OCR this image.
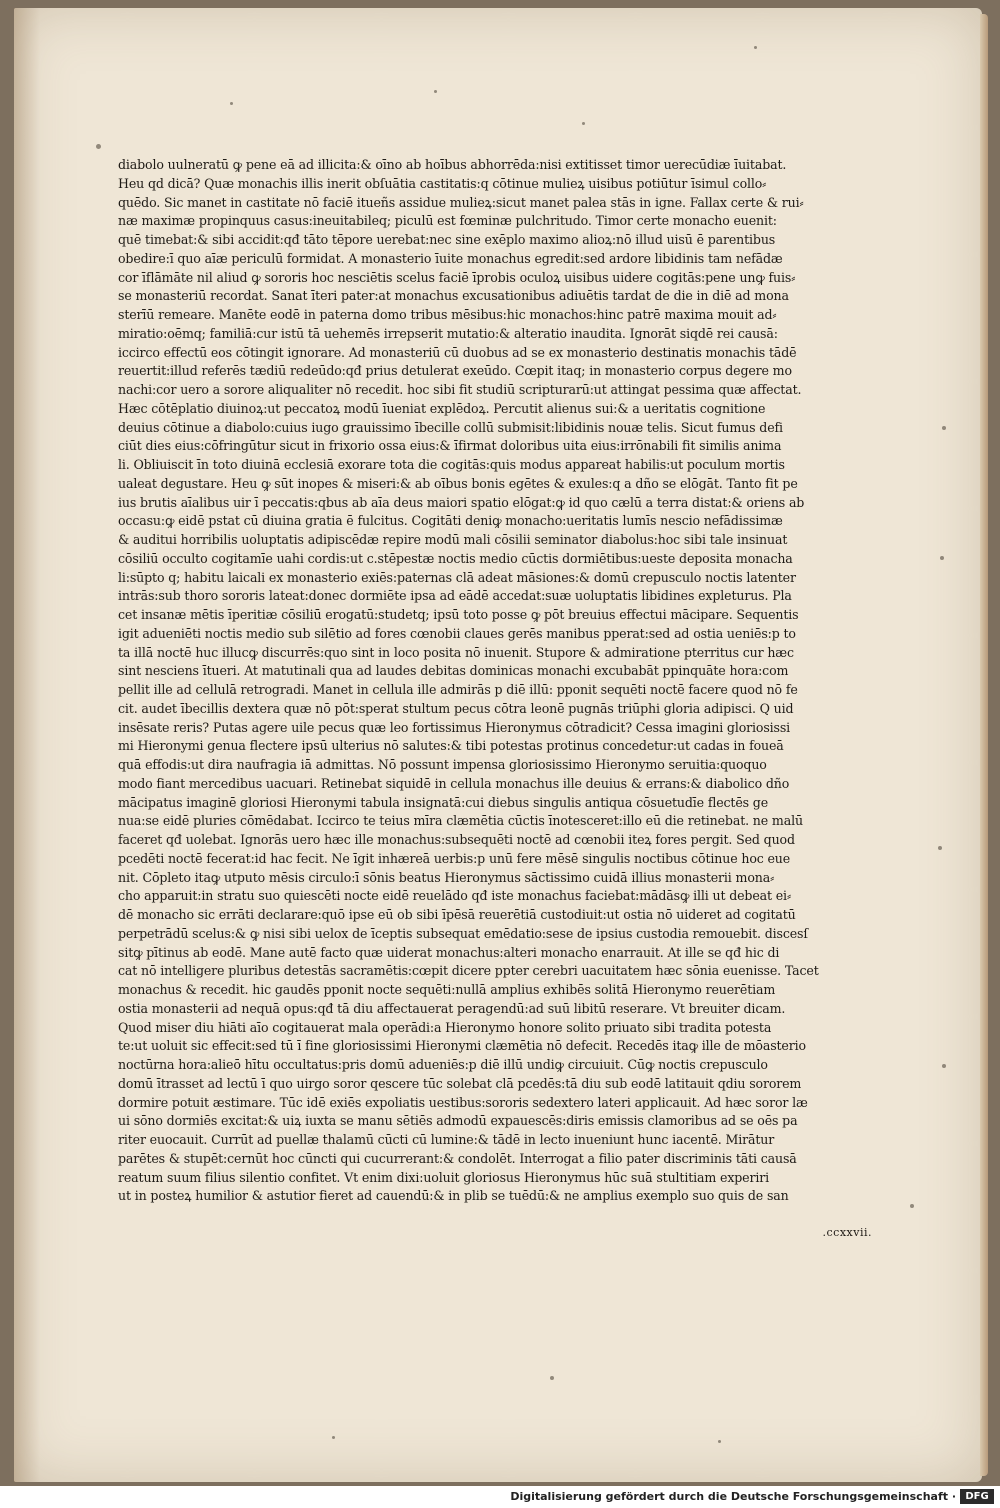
diabolo uulneratū ꝙ pene eā ad illicita:& oīno ab hoībus abhorrēda:nisi extitisset timor uerecūdiæ īuitabat.
Heu qd dicā? Quæ monachis illis inerit obſuātia castitatis:q cōtinue mulieꝝ uisibus potiūtur īsimul collo⸗
quēdo. Sic manet in castitate nō faciē itueñs assidue mulieꝝ:sicut manet palea stās in igne. Fallax certe & rui⸗
næ maximæ propinquus casus:ineuitabileq; piculū est fœminæ pulchritudo. Timor certe monacho euenit:
quē timebat:& sibi accidit:qđ tāto tēpore uerebat:nec sine exēplo maximo alioꝝ:nō illud uisū ē parentibus
obedire:ī quo aīæ periculū formidat. A monasterio īuite monachus egredit:sed ardore libidinis tam nefādæ
cor īflāmāte nil aliud ꝙ sororis hoc nesciētis scelus faciē īprobis oculoꝝ uisibus uidere cogitās:pene unꝙ fuis⸗
se monasteriū recordat. Sanat īteri pater:at monachus excusationibus adiuētis tardat de die in diē ad mona
sterīū remeare. Manēte eodē in paterna domo tribus mēsibus:hic monachos:hinc patrē maxima mouit ad⸗
miratio:oēmq; familiā:cur istū tā uehemēs irrepserit mutatio:& alteratio inaudita. Ignorāt siqdē rei causā:
iccirco effectū eos cōtingit ignorare. Ad monasteriū cū duobus ad se ex monasterio destinatis monachis tādē
reuertit:illud referēs tædiū redeūdo:qđ prius detulerat exeūdo. Cœpit itaq; in monasterio corpus degere mo
nachi:cor uero a sorore aliqualiter nō recedit. hoc sibi fit studiū scripturarū:ut attingat pessima quæ affectat.
Hæc cōtēplatio diuinoꝝ:ut peccatoꝝ modū īueniat explēdoꝝ. Percutit alienus sui:& a ueritatis cognitione
deuius cōtinue a diabolo:cuius iugo grauissimo ībecille collū submisit:libidinis nouæ telis. Sicut fumus defi
ciūt dies eius:cōfringūtur sicut in frixorio ossa eius:& īfirmat doloribus uita eius:irrōnabili fit similis anima
li. Obliuiscit īn toto diuinā ecclesiā exorare tota die cogitās:quis modus appareat habilis:ut poculum mortis
ualeat degustare. Heu ꝙ sūt inopes & miseri:& ab oībus bonis egētes & exules:q a dño se elōgāt. Tanto fit pe
ius brutis aīalibus uir ī peccatis:qbus ab aīa deus maiori spatio elōgat:ꝙ id quo cælū a terra distat:& oriens ab
occasu:ꝙ eidē pstat cū diuina gratia ē fulcitus. Cogitāti deniꝙ monacho:ueritatis lumīs nescio nefādissimæ
& auditui horribilis uoluptatis adipiscēdæ repire modū mali cōsilii seminator diabolus:hoc sibi tale insinuat
cōsiliū occulto cogitamīe uahi cordis:ut c.stēpestæ noctis medio cūctis dormiētibus:ueste deposita monacha
li:sūpto q; habitu laicali ex monasterio exiēs:paternas clā adeat māsiones:& domū crepusculo noctis latenter
intrās:sub thoro sororis lateat:donec dormiēte ipsa ad eādē accedat:suæ uoluptatis libidines expleturus. Pla
cet insanæ mētis īperitiæ cōsiliū erogatū:studetq; ipsū toto posse ꝙ pōt breuius effectui mācipare. Sequentis
igit adueniēti noctis medio sub silētio ad fores cœnobii claues gerēs manibus pperat:sed ad ostia ueniēs:p to
ta illā noctē huc illucꝙ discurrēs:quo sint in loco posita nō inuenit. Stupore & admiratione pterritus cur hæc
sint nesciens ītueri. At matutinali qua ad laudes debitas dominicas monachi excubabāt ppinquāte hora:com
pellit ille ad cellulā retrogradi. Manet in cellula ille admirās p diē illū: pponit sequēti noctē facere quod nō fe
cit. audet ībecillis dextera quæ nō pōt:sperat stultum pecus cōtra leonē pugnās triūphi gloria adipisci. Q uid
insēsate reris? Putas agere uile pecus quæ leo fortissimus Hieronymus cōtradicit? Cessa imagini gloriosissi
mi Hieronymi genua flectere ipsū ulterius nō salutes:& tibi potestas protinus concedetur:ut cadas in foueā
quā effodis:ut dira naufragia iā admittas. Nō possunt impensa gloriosissimo Hieronymo seruitia:quoquo
modo fiant mercedibus uacuari. Retinebat siquidē in cellula monachus ille deuius & errans:& diabolico dño
mācipatus imaginē gloriosi Hieronymi tabula insignatā:cui diebus singulis antiqua cōsuetudīe flectēs ge
nua:se eidē pluries cōmēdabat. Iccirco te teius mīra clæmētia cūctis īnotesceret:illo eū die retinebat. ne malū
faceret qđ uolebat. Ignorās uero hæc ille monachus:subsequēti noctē ad cœnobii iteꝝ fores pergit. Sed quod
pcedēti noctē fecerat:id hac fecit. Ne īgit inhæreā uerbis:p unū fere mēsē singulis noctibus cōtinue hoc eue
nit. Cōpleto itaꝙ utputo mēsis circulo:ī sōnis beatus Hieronymus sāctissimo cuidā illius monasterii mona⸗
cho apparuit:in stratu suo quiescēti nocte eidē reuelādo qđ iste monachus faciebat:mādāsꝙ illi ut debeat ei⸗
dē monacho sic errāti declarare:quō ipse eū ob sibi īpēsā reuerētiā custodiuit:ut ostia nō uideret ad cogitatū
perpetrādū scelus:& ꝙ nisi sibi uelox de īceptis subsequat emēdatio:sese de ipsius custodia remouebit. discesſ
sitꝙ pītinus ab eodē. Mane autē facto quæ uiderat monachus:alteri monacho enarrauit. At ille se qđ hic di
cat nō intelligere pluribus detestās sacramētis:cœpit dicere ppter cerebri uacuitatem hæc sōnia euenisse. Tacet
monachus & recedit. hic gaudēs pponit nocte sequēti:nullā amplius exhibēs solitā Hieronymo reuerētiam
ostia monasterii ad nequā opus:qđ tā diu affectauerat peragendū:ad suū libitū reserare. Vt breuiter dicam.
Quod miser diu hiāti aīo cogitauerat mala operādi:a Hieronymo honore solito priuato sibi tradita potesta
te:ut uoluit sic effecit:sed tū ī fine gloriosissimi Hieronymi clæmētia nō defecit. Recedēs itaꝙ ille de mōasterio
noctūrna hora:alieō hītu occultatus:pris domū adueniēs:p diē illū undiꝙ circuiuit. Cūꝙ noctis crepusculo
domū ītrasset ad lectū ī quo uirgo soror qescere tūc solebat clā pcedēs:tā diu sub eodē latitauit qdiu sororem
dormire potuit æstimare. Tūc idē exiēs expoliatis uestibus:sororis sedextero lateri applicauit. Ad hæc soror læ
ui sōno dormiēs excitat:& uiꝝ iuxta se manu sētiēs admodū expauescēs:diris emissis clamoribus ad se oēs pa
riter euocauit. Currūt ad puellæ thalamū cūcti cū lumine:& tādē in lecto inueniunt hunc iacentē. Mirātur
parētes & stupēt:cernūt hoc cūncti qui cucurrerant:& condolēt. Interrogat a filio pater discriminis tāti causā
reatum suum filius silentio confitet. Vt enim dixi:uoluit gloriosus Hieronymus hūc suā stultitiam experiri
ut in posteꝝ humilior & astutior fieret ad cauendū:& in plib se tuēdū:& ne amplius exemplo suo quis de san
.ccxxvii.
Digitalisierung gefördert durch die Deutsche Forschungsgemeinschaft · DFG
